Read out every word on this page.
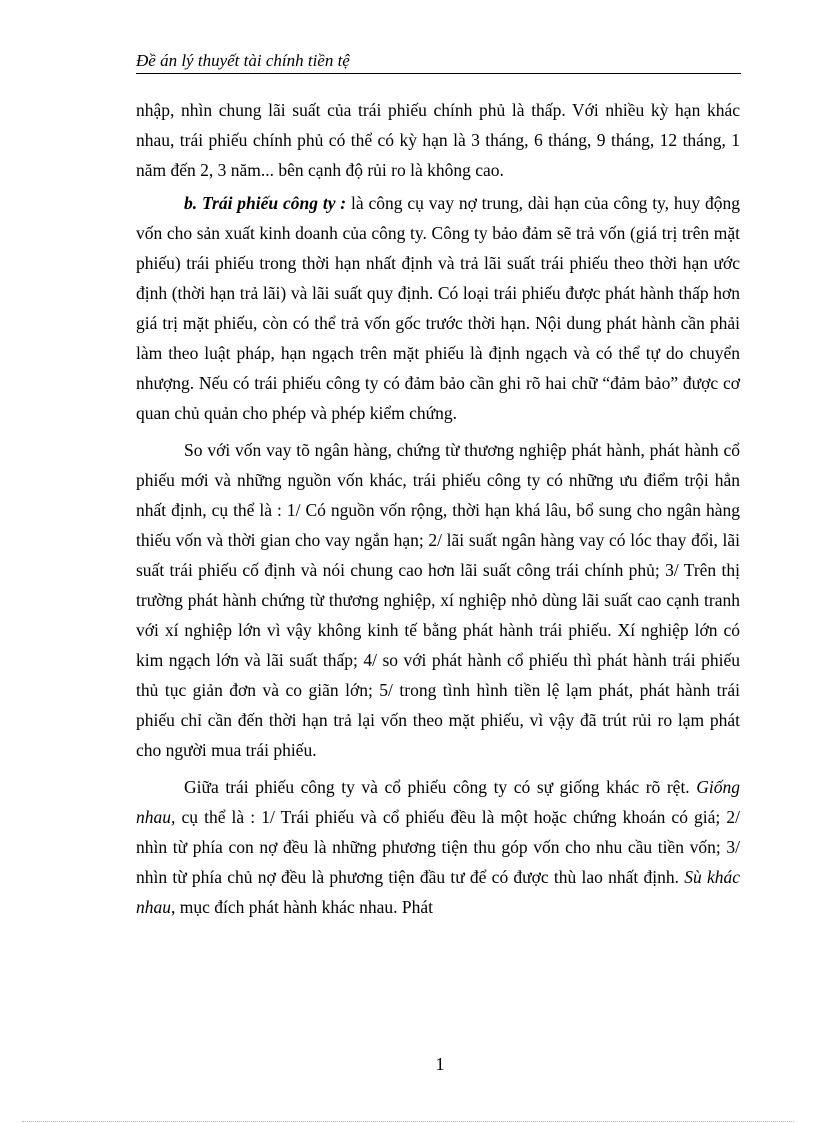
Đề án lý thuyết tài chính tiền tệ

nhập, nhìn chung lãi suất của trái phiếu chính phủ là thấp. Với nhiều kỳ hạn khác nhau, trái phiếu chính phủ có thể có kỳ hạn là 3 tháng, 6 tháng, 9 tháng, 12 tháng, 1 năm đến 2, 3 năm... bên cạnh độ rủi ro là không cao.

b. Trái phiếu công ty : là công cụ vay nợ trung, dài hạn của công ty, huy động vốn cho sản xuất kinh doanh của công ty. Công ty bảo đảm sẽ trả vốn (giá trị trên mặt phiếu) trái phiếu trong thời hạn nhất định và trả lãi suất trái phiếu theo thời hạn ước định (thời hạn trả lãi) và lãi suất quy định. Có loại trái phiếu được phát hành thấp hơn giá trị mặt phiếu, còn có thể trả vốn gốc trước thời hạn. Nội dung phát hành cần phải làm theo luật pháp, hạn ngạch trên mặt phiếu là định ngạch và có thể tự do chuyển nhượng. Nếu có trái phiếu công ty có đảm bảo cần ghi rõ hai chữ “đảm bảo” được cơ quan chủ quản cho phép và phép kiểm chứng.

So với vốn vay tõ ngân hàng, chứng từ thương nghiệp phát hành, phát hành cổ phiếu mới và những nguồn vốn khác, trái phiếu công ty có những ưu điểm trội hẳn nhất định, cụ thể là : 1/ Có nguồn vốn rộng, thời hạn khá lâu, bổ sung cho ngân hàng thiếu vốn và thời gian cho vay ngắn hạn; 2/ lãi suất ngân hàng vay có lóc thay đổi, lãi suất trái phiếu cố định và nói chung cao hơn lãi suất công trái chính phủ; 3/ Trên thị trường phát hành chứng từ thương nghiệp, xí nghiệp nhỏ dùng lãi suất cao cạnh tranh với xí nghiệp lớn vì vậy không kinh tế bằng phát hành trái phiếu. Xí nghiệp lớn có kim ngạch lớn và lãi suất thấp; 4/ so với phát hành cổ phiếu thì phát hành trái phiếu thủ tục giản đơn và co giãn lớn; 5/ trong tình hình tiền lệ lạm phát, phát hành trái phiếu chỉ cần đến thời hạn trả lại vốn theo mặt phiếu, vì vậy đã trút rủi ro lạm phát cho người mua trái phiếu.

Giữa trái phiếu công ty và cổ phiếu công ty có sự giống khác rõ rệt. Giống nhau, cụ thể là : 1/ Trái phiếu và cổ phiếu đều là một hoặc chứng khoán có giá; 2/ nhìn từ phía con nợ đều là những phương tiện thu góp vốn cho nhu cầu tiền vốn; 3/ nhìn từ phía chủ nợ đều là phương tiện đầu tư để có được thù lao nhất định. Sù khác nhau, mục đích phát hành khác nhau. Phát

1
